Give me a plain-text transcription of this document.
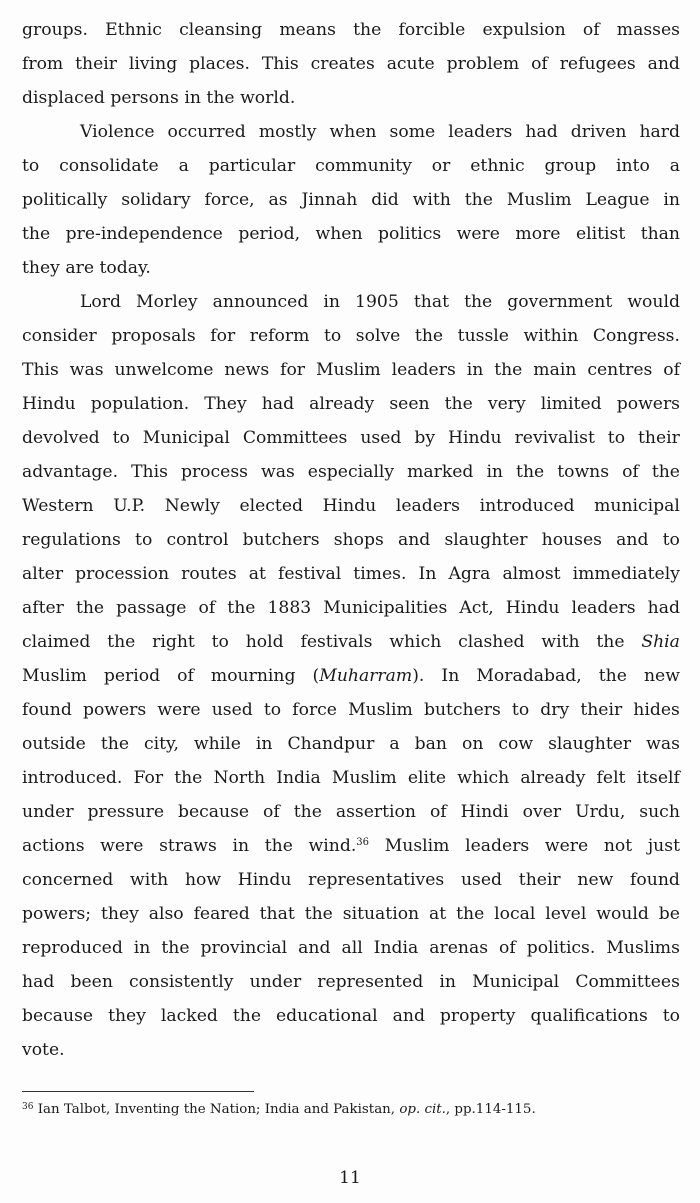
groups. Ethnic cleansing means the forcible expulsion of masses
from their living places. This creates acute problem of refugees and
displaced persons in the world.
Violence occurred mostly when some leaders had driven hard
to consolidate a particular community or ethnic group into a
politically solidary force, as Jinnah did with the Muslim League in
the pre-independence period, when politics were more elitist than
they are today.
Lord Morley announced in 1905 that the government would
consider proposals for reform to solve the tussle within Congress.
This was unwelcome news for Muslim leaders in the main centres of
Hindu population. They had already seen the very limited powers
devolved to Municipal Committees used by Hindu revivalist to their
advantage. This process was especially marked in the towns of the
Western U.P. Newly elected Hindu leaders introduced municipal
regulations to control butchers shops and slaughter houses and to
alter procession routes at festival times. In Agra almost immediately
after the passage of the 1883 Municipalities Act, Hindu leaders had
claimed the right to hold festivals which clashed with the Shia
Muslim period of mourning (Muharram). In Moradabad, the new
found powers were used to force Muslim butchers to dry their hides
outside the city, while in Chandpur a ban on cow slaughter was
introduced. For the North India Muslim elite which already felt itself
under pressure because of the assertion of Hindi over Urdu, such
actions were straws in the wind.$^{36}$ Muslim leaders were not just
concerned with how Hindu representatives used their new found
powers; they also feared that the situation at the local level would be
reproduced in the provincial and all India arenas of politics. Muslims
had been consistently under represented in Municipal Committees
because they lacked the educational and property qualifications to
vote.
$^{36}$ Ian Talbot, Inventing the Nation; India and Pakistan, op. cit., pp.114-115.
11
